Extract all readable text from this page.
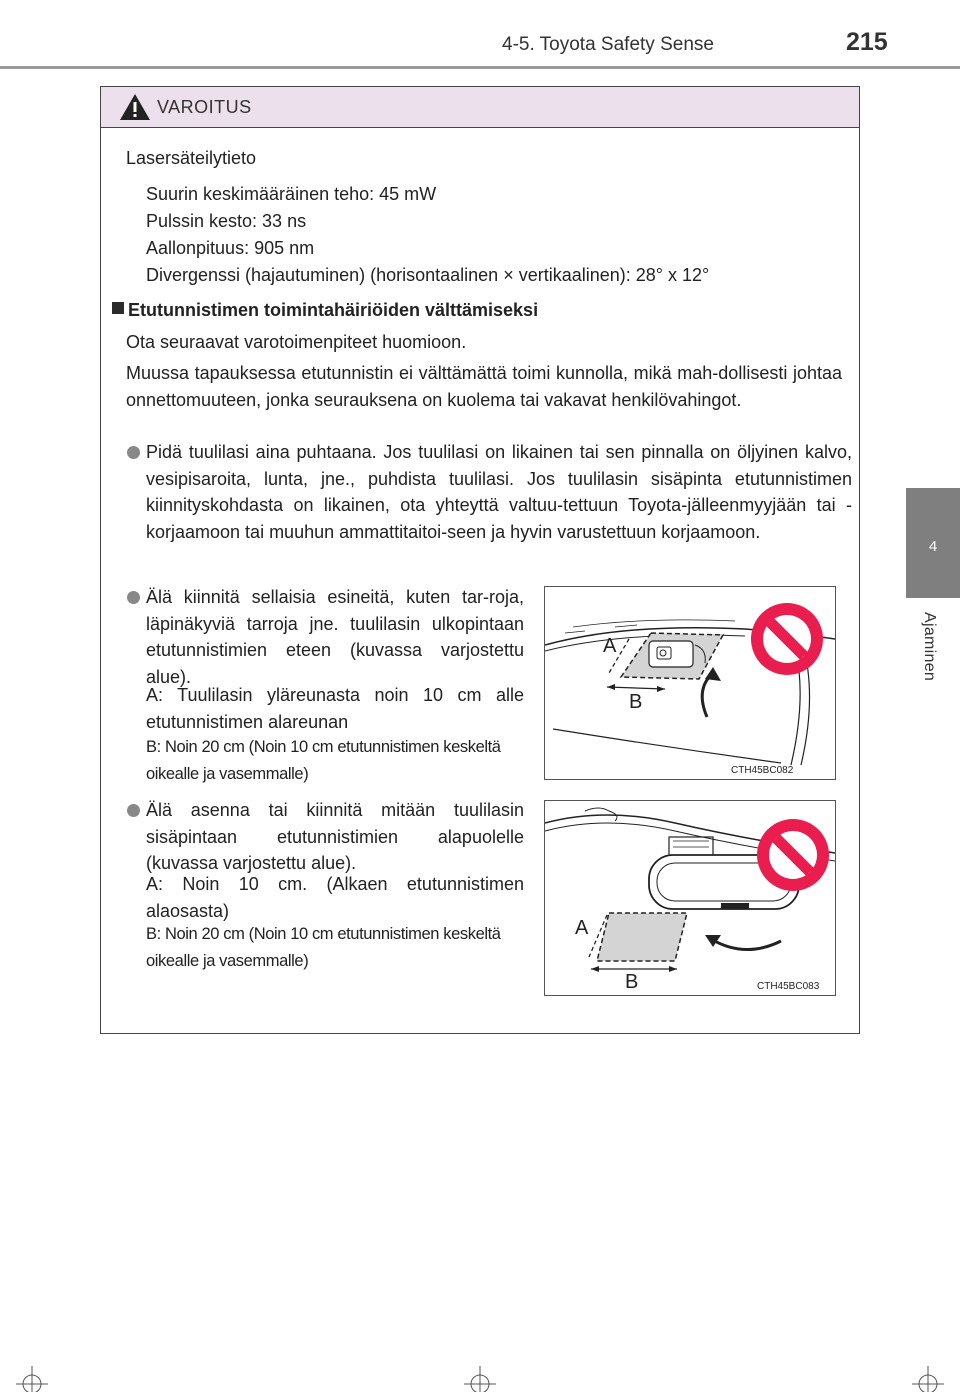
4-5. Toyota Safety Sense	215
4
Ajaminen
VAROITUS

Lasersäteilytieto

Suurin keskimääräinen teho: 45 mW

Pulssin kesto: 33 ns

Aallonpituus: 905 nm

Divergenssi (hajautuminen) (horisontaalinen × vertikaalinen): 28° x 12°

Etutunnistimen toimintahäiriöiden välttämiseksi

Ota seuraavat varotoimenpiteet huomioon.

Muussa tapauksessa etutunnistin ei välttämättä toimi kunnolla, mikä mah-dollisesti johtaa onnettomuuteen, jonka seurauksena on kuolema tai vakavat henkilövahingot.

Pidä tuulilasi aina puhtaana. Jos tuulilasi on likainen tai sen pinnalla on öljyinen kalvo, vesipisaroita, lunta, jne., puhdista tuulilasi. Jos tuulilasin sisäpinta etutunnistimen kiinnityskohdasta on likainen, ota yhteyttä valtuu-tettuun Toyota-jälleenmyyjään tai -korjaamoon tai muuhun ammattitaitoi-seen ja hyvin varustettuun korjaamoon.

Älä kiinnitä sellaisia esineitä, kuten tar-roja, läpinäkyviä tarroja jne. tuulilasin ulkopintaan etutunnistimien eteen (kuvassa varjostettu alue).

A: Tuulilasin yläreunasta noin 10 cm alle etutunnistimen alareunan

B: Noin 20 cm (Noin 10 cm etutunnistimen keskeltä oikealle ja vasemmalle)

A
B
CTH45BC082

Älä asenna tai kiinnitä mitään tuulilasin sisäpintaan etutunnistimien alapuolelle (kuvassa varjostettu alue).

A: Noin 10 cm. (Alkaen etutunnistimen alaosasta)

B: Noin 20 cm (Noin 10 cm etutunnistimen keskeltä oikealle ja vasemmalle)

A
B	CTH45BC083
